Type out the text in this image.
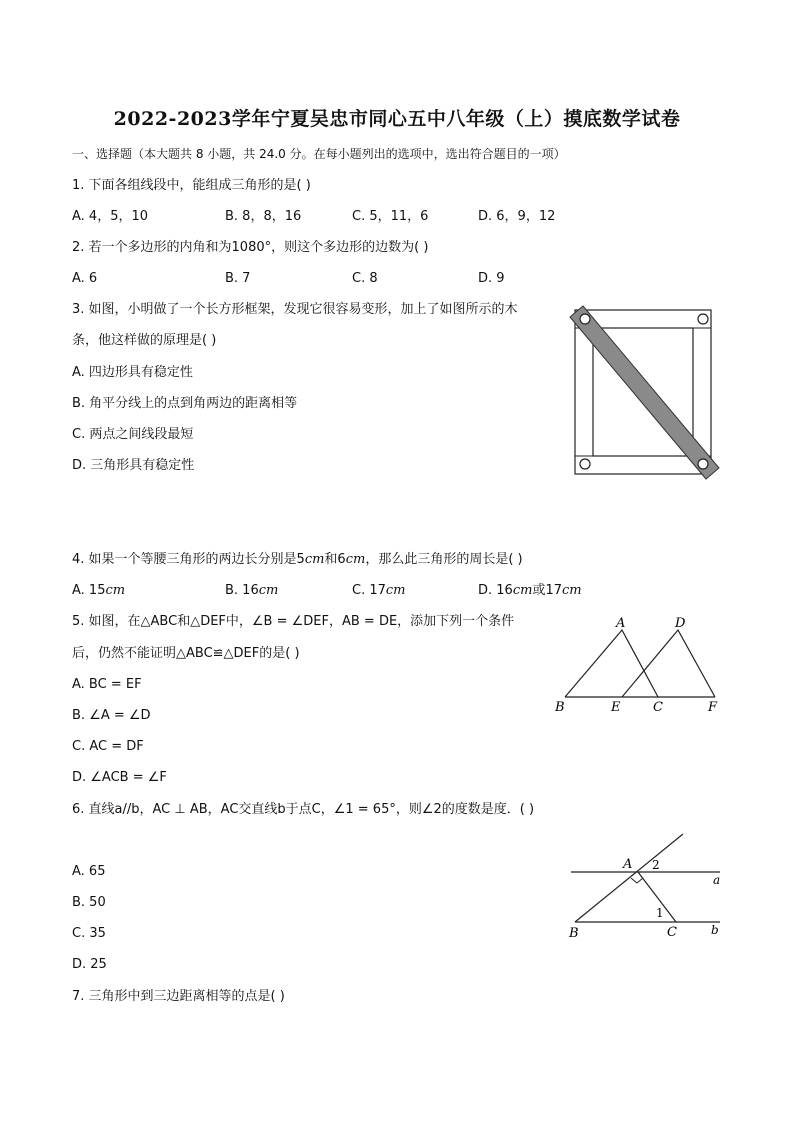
2022-2023学年宁夏吴忠市同心五中八年级（上）摸底数学试卷
一、选择题（本大题共 8 小题，共 24.0 分。在每小题列出的选项中，选出符合题目的一项）
1. 下面各组线段中，能组成三角形的是( )
A. 4，5，10	B. 8，8，16	C. 5，11，6	D. 6，9，12
2. 若一个多边形的内角和为1080°，则这个多边形的边数为( )
A. 6	B. 7	C. 8	D. 9
3. 如图，小明做了一个长方形框架，发现它很容易变形，加上了如图所示的木
条，他这样做的原理是( )
A. 四边形具有稳定性
B. 角平分线上的点到角两边的距离相等
C. 两点之间线段最短
D. 三角形具有稳定性
4. 如果一个等腰三角形的两边长分别是5cm和6cm，那么此三角形的周长是( )
A. 15cm	B. 16cm	C. 17cm	D. 16cm或17cm
5. 如图，在△ABC和△DEF中，∠B = ∠DEF，AB = DE，添加下列一个条件
后，仍然不能证明△ABC≌△DEF的是( )
A. BC = EF
B. ∠A = ∠D
C. AC = DF
D. ∠ACB = ∠F
A	D
B	E	C	F
6. 直线a//b，AC ⊥ AB，AC交直线b于点C，∠1 = 65°，则∠2的度数是度．( )
A. 65
B. 50
C. 35
D. 25
A 2
a
1
B	C	b
7. 三角形中到三边距离相等的点是( )
